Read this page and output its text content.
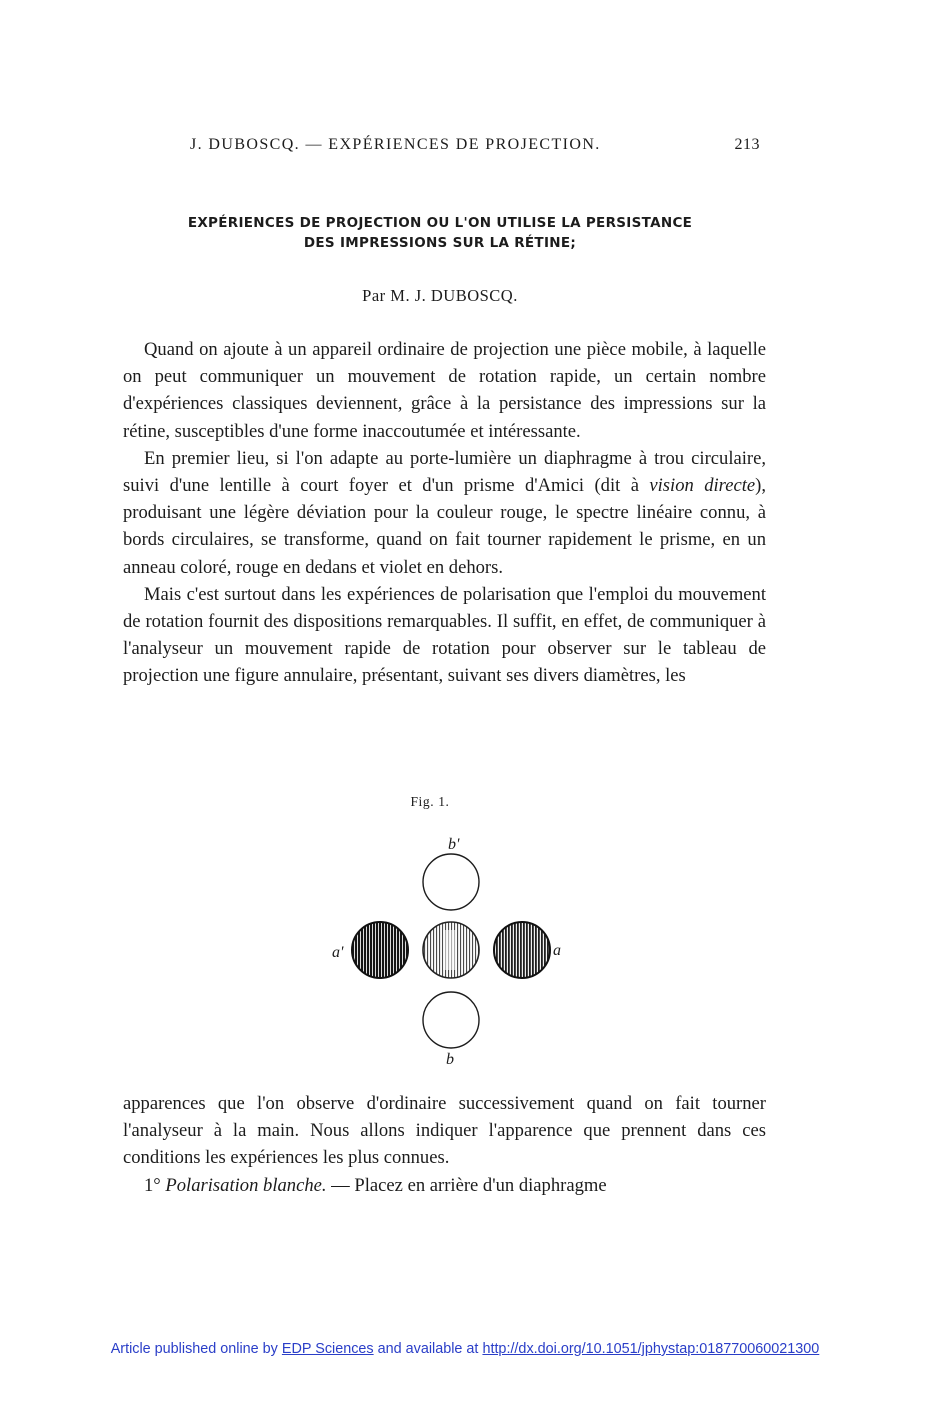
J. DUBOSCQ. — EXPÉRIENCES DE PROJECTION.	213
EXPÉRIENCES DE PROJECTION OU L'ON UTILISE LA PERSISTANCE
DES IMPRESSIONS SUR LA RÉTINE;
Par M. J. DUBOSCQ.

Quand on ajoute à un appareil ordinaire de projection une pièce mobile, à laquelle on peut communiquer un mouvement de rotation rapide, un certain nombre d'expériences classiques deviennent, grâce à la persistance des impressions sur la rétine, susceptibles d'une forme inaccoutumée et intéressante.

En premier lieu, si l'on adapte au porte-lumière un diaphragme à trou circulaire, suivi d'une lentille à court foyer et d'un prisme d'Amici (dit à vision directe), produisant une légère déviation pour la couleur rouge, le spectre linéaire connu, à bords circulaires, se transforme, quand on fait tourner rapidement le prisme, en un anneau coloré, rouge en dedans et violet en dehors.

Mais c'est surtout dans les expériences de polarisation que l'emploi du mouvement de rotation fournit des dispositions remarquables. Il suffit, en effet, de communiquer à l'analyseur un mouvement rapide de rotation pour observer sur le tableau de projection une figure annulaire, présentant, suivant ses divers diamètres, les

Fig. 1.
b'
a'	a
b

apparences que l'on observe d'ordinaire successivement quand on fait tourner l'analyseur à la main. Nous allons indiquer l'apparence que prennent dans ces conditions les expériences les plus connues.

1° Polarisation blanche. — Placez en arrière d'un diaphragme

Article published online by EDP Sciences and available at http://dx.doi.org/10.1051/jphystap:018770060021300
